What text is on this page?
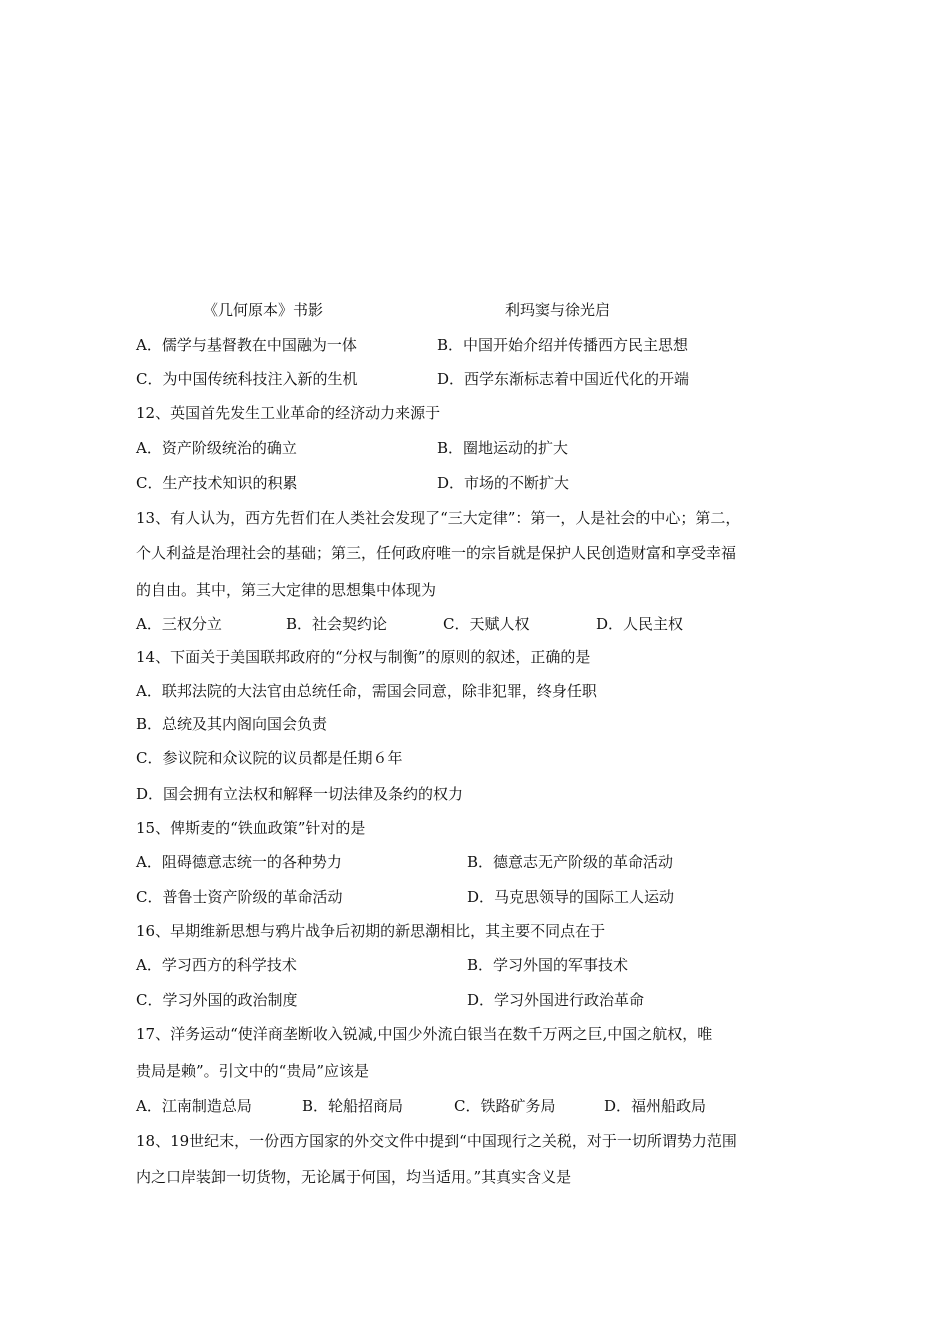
《几何原本》书影	利玛窦与徐光启
A．儒学与基督教在中国融为一体	B．中国开始介绍并传播西方民主思想
C．为中国传统科技注入新的生机	D．西学东渐标志着中国近代化的开端
12、英国首先发生工业革命的经济动力来源于
A．资产阶级统治的确立	B．圈地运动的扩大
C．生产技术知识的积累	D．市场的不断扩大
13、有人认为，西方先哲们在人类社会发现了“三大定律”：第一，人是社会的中心；第二，
个人利益是治理社会的基础；第三，任何政府唯一的宗旨就是保护人民创造财富和享受幸福
的自由。其中，第三大定律的思想集中体现为
A．三权分立	B．社会契约论	C．天赋人权	D．人民主权
14、下面关于美国联邦政府的“分权与制衡”的原则的叙述，正确的是
A．联邦法院的大法官由总统任命，需国会同意，除非犯罪，终身任职
B．总统及其内阁向国会负责
C．参议院和众议院的议员都是任期６年
D．国会拥有立法权和解释一切法律及条约的权力
15、俾斯麦的“铁血政策”针对的是
A．阻碍德意志统一的各种势力	B．德意志无产阶级的革命活动
C．普鲁士资产阶级的革命活动	D．马克思领导的国际工人运动
16、早期维新思想与鸦片战争后初期的新思潮相比，其主要不同点在于
A．学习西方的科学技术	B．学习外国的军事技术
C．学习外国的政治制度	D．学习外国进行政治革命
17、洋务运动“使洋商垄断收入锐减,中国少外流白银当在数千万两之巨,中国之航权，唯
贵局是赖”。引文中的“贵局”应该是
A．江南制造总局	B．轮船招商局	C．铁路矿务局	D．福州船政局
18、19世纪末，一份西方国家的外交文件中提到“中国现行之关税，对于一切所谓势力范围
内之口岸装卸一切货物，无论属于何国，均当适用。”其真实含义是
